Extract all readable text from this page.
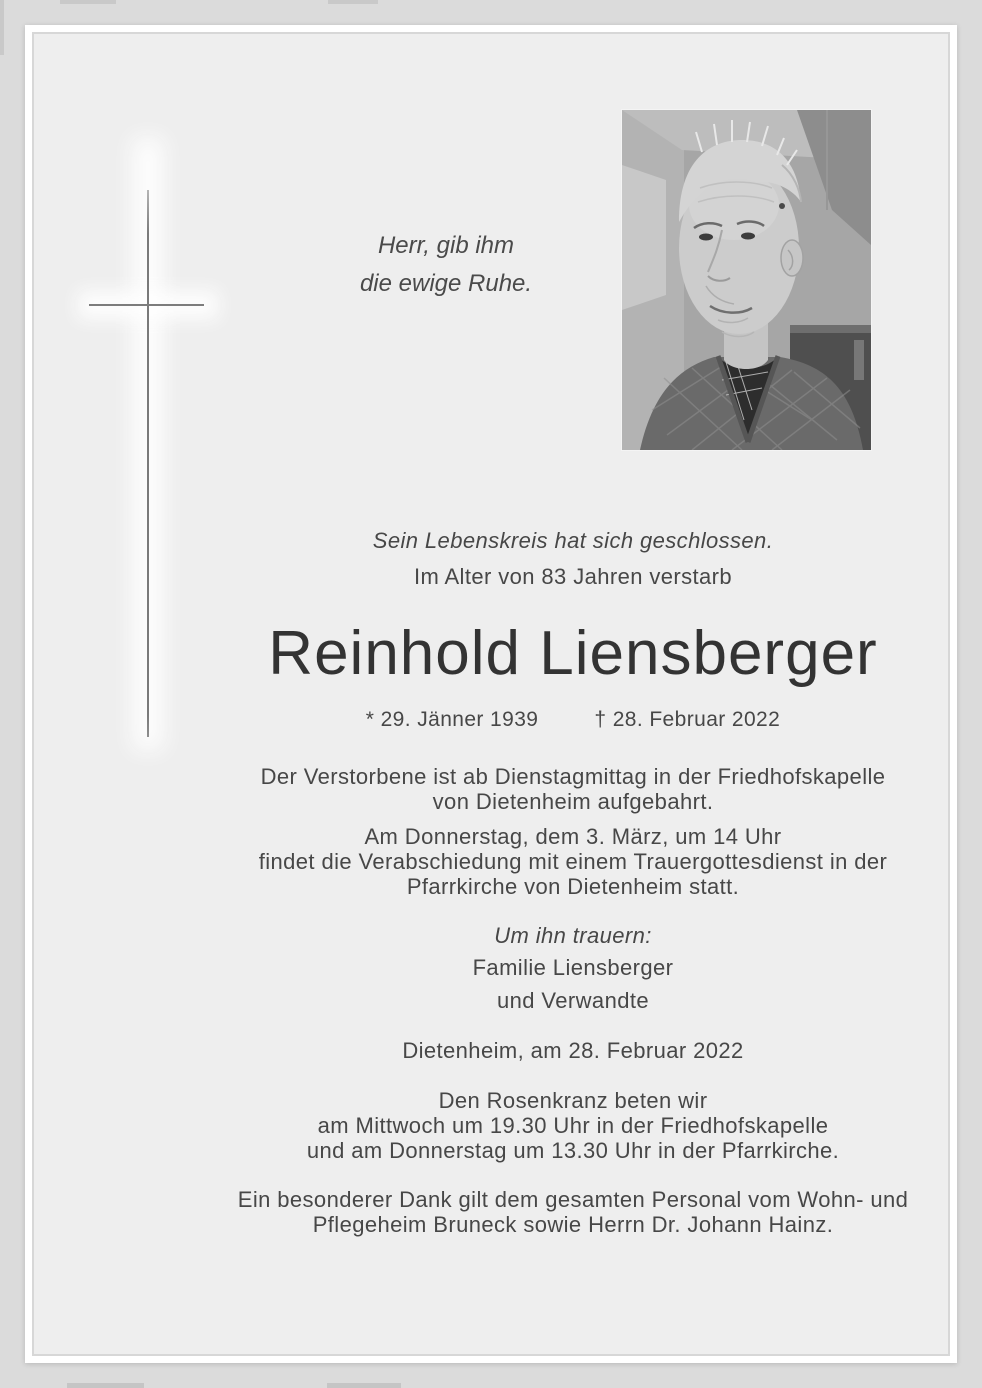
Herr, gib ihm
die ewige Ruhe.
Sein Lebenskreis hat sich geschlossen.
Im Alter von 83 Jahren verstarb
Reinhold Liensberger
* 29. Jänner 1939	† 28. Februar 2022
Der Verstorbene ist ab Dienstagmittag in der Friedhofskapelle
von Dietenheim aufgebahrt.
Am Donnerstag, dem 3. März, um 14 Uhr
findet die Verabschiedung mit einem Trauergottesdienst in der
Pfarrkirche von Dietenheim statt.
Um ihn trauern:
Familie Liensberger
und Verwandte
Dietenheim, am 28. Februar 2022
Den Rosenkranz beten wir
am Mittwoch um 19.30 Uhr in der Friedhofskapelle
und am Donnerstag um 13.30 Uhr in der Pfarrkirche.
Ein besonderer Dank gilt dem gesamten Personal vom Wohn- und
Pflegeheim Bruneck sowie Herrn Dr. Johann Hainz.
